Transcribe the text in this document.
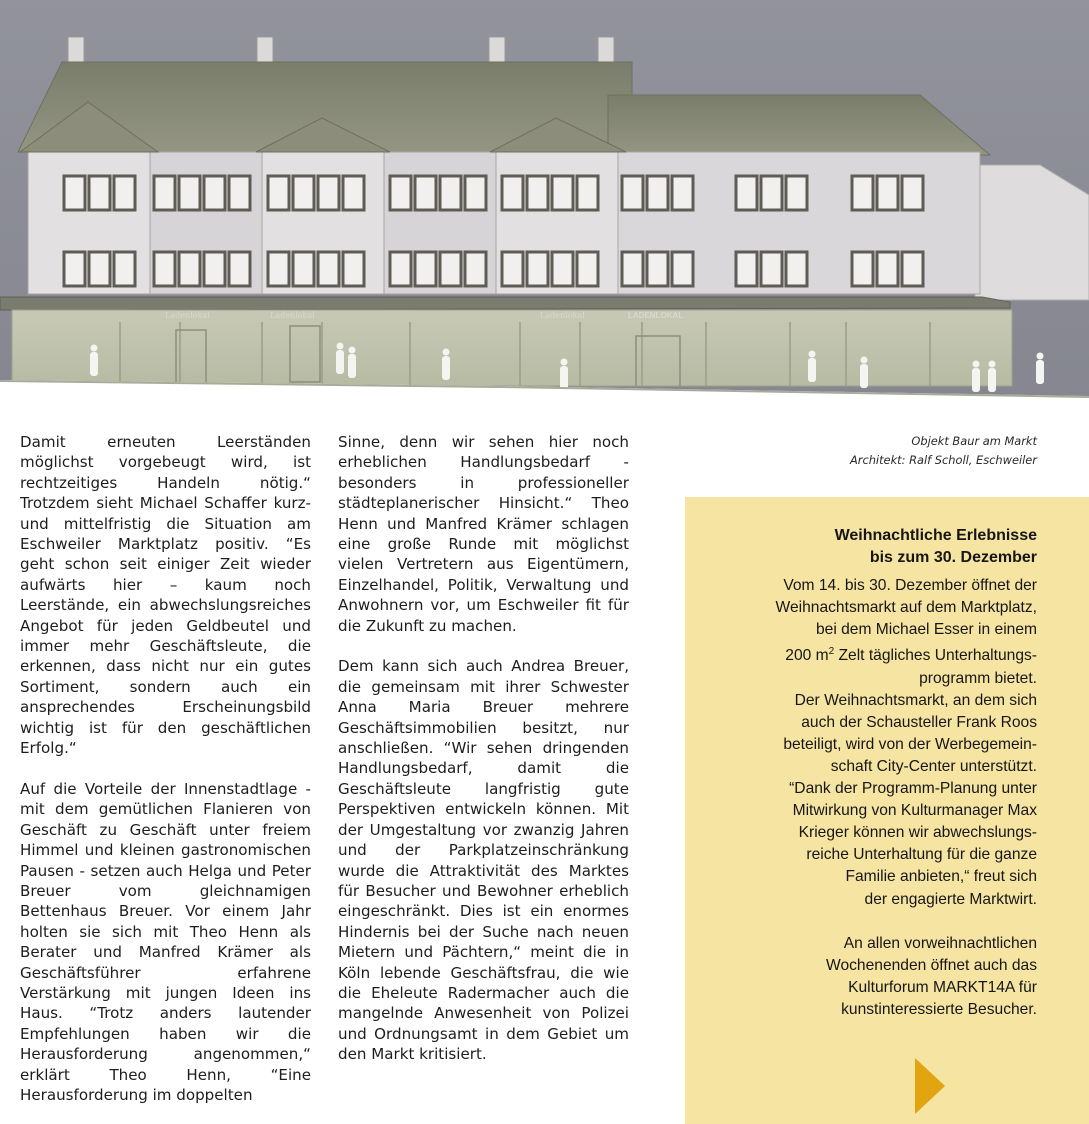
Ladenlokal	Ladenlokal	Ladenlokal	LADENLOKAL
Objekt Baur am Markt
Architekt: Ralf Scholl, Eschweiler

Damit erneuten Leerständen möglichst vorgebeugt wird, ist rechtzeitiges Handeln nötig.“ Trotzdem sieht Michael Schaffer kurz- und mittelfristig die Situation am Eschweiler Marktplatz positiv. “Es geht schon seit einiger Zeit wieder aufwärts hier – kaum noch Leerstände, ein abwechslungsreiches Angebot für jeden Geldbeutel und immer mehr Geschäftsleute, die erkennen, dass nicht nur ein gutes Sortiment, sondern auch ein ansprechendes Erscheinungsbild wichtig ist für den geschäftlichen Erfolg.“

Auf die Vorteile der Innenstadtlage - mit dem gemütlichen Flanieren von Geschäft zu Geschäft unter freiem Himmel und kleinen gastronomischen Pausen - setzen auch Helga und Peter Breuer vom gleichnamigen Bettenhaus Breuer. Vor einem Jahr holten sie sich mit Theo Henn als Berater und Manfred Krämer als Geschäftsführer erfahrene Verstärkung mit jungen Ideen ins Haus. “Trotz anders lautender Empfehlungen haben wir die Herausforderung angenommen,“ erklärt Theo Henn, “Eine Herausforderung im doppelten

Sinne, denn wir sehen hier noch erheblichen Handlungsbedarf - besonders in professioneller städteplanerischer Hinsicht.“ Theo Henn und Manfred Krämer schlagen eine große Runde mit möglichst vielen Vertretern aus Eigentümern, Einzelhandel, Politik, Verwaltung und Anwohnern vor, um Eschweiler fit für die Zukunft zu machen.

Dem kann sich auch Andrea Breuer, die gemeinsam mit ihrer Schwester Anna Maria Breuer mehrere Geschäftsimmobilien besitzt, nur anschließen. “Wir sehen dringenden Handlungsbedarf, damit die Geschäftsleute langfristig gute Perspektiven entwickeln können. Mit der Umgestaltung vor zwanzig Jahren und der Parkplatzeinschränkung wurde die Attraktivität des Marktes für Besucher und Bewohner erheblich eingeschränkt. Dies ist ein enormes Hindernis bei der Suche nach neuen Mietern und Pächtern,“ meint die in Köln lebende Geschäftsfrau, die wie die Eheleute Radermacher auch die mangelnde Anwesenheit von Polizei und Ordnungsamt in dem Gebiet um den Markt kritisiert.

Weihnachtliche Erlebnisse
bis zum 30. Dezember
Vom 14. bis 30. Dezember öffnet der
Weihnachtsmarkt auf dem Marktplatz,
bei dem Michael Esser in einem
200 $m^2$ Zelt tägliches Unterhaltungs-
programm bietet.
Der Weihnachtsmarkt, an dem sich
auch der Schausteller Frank Roos
beteiligt, wird von der Werbegemein-
schaft City-Center unterstützt.
“Dank der Programm-Planung unter
Mitwirkung von Kulturmanager Max
Krieger können wir abwechslungs-
reiche Unterhaltung für die ganze
Familie anbieten,“ freut sich
der engagierte Marktwirt.
An allen vorweihnachtlichen
Wochenenden öffnet auch das
Kulturforum MARKT14A für
kunstinteressierte Besucher.
